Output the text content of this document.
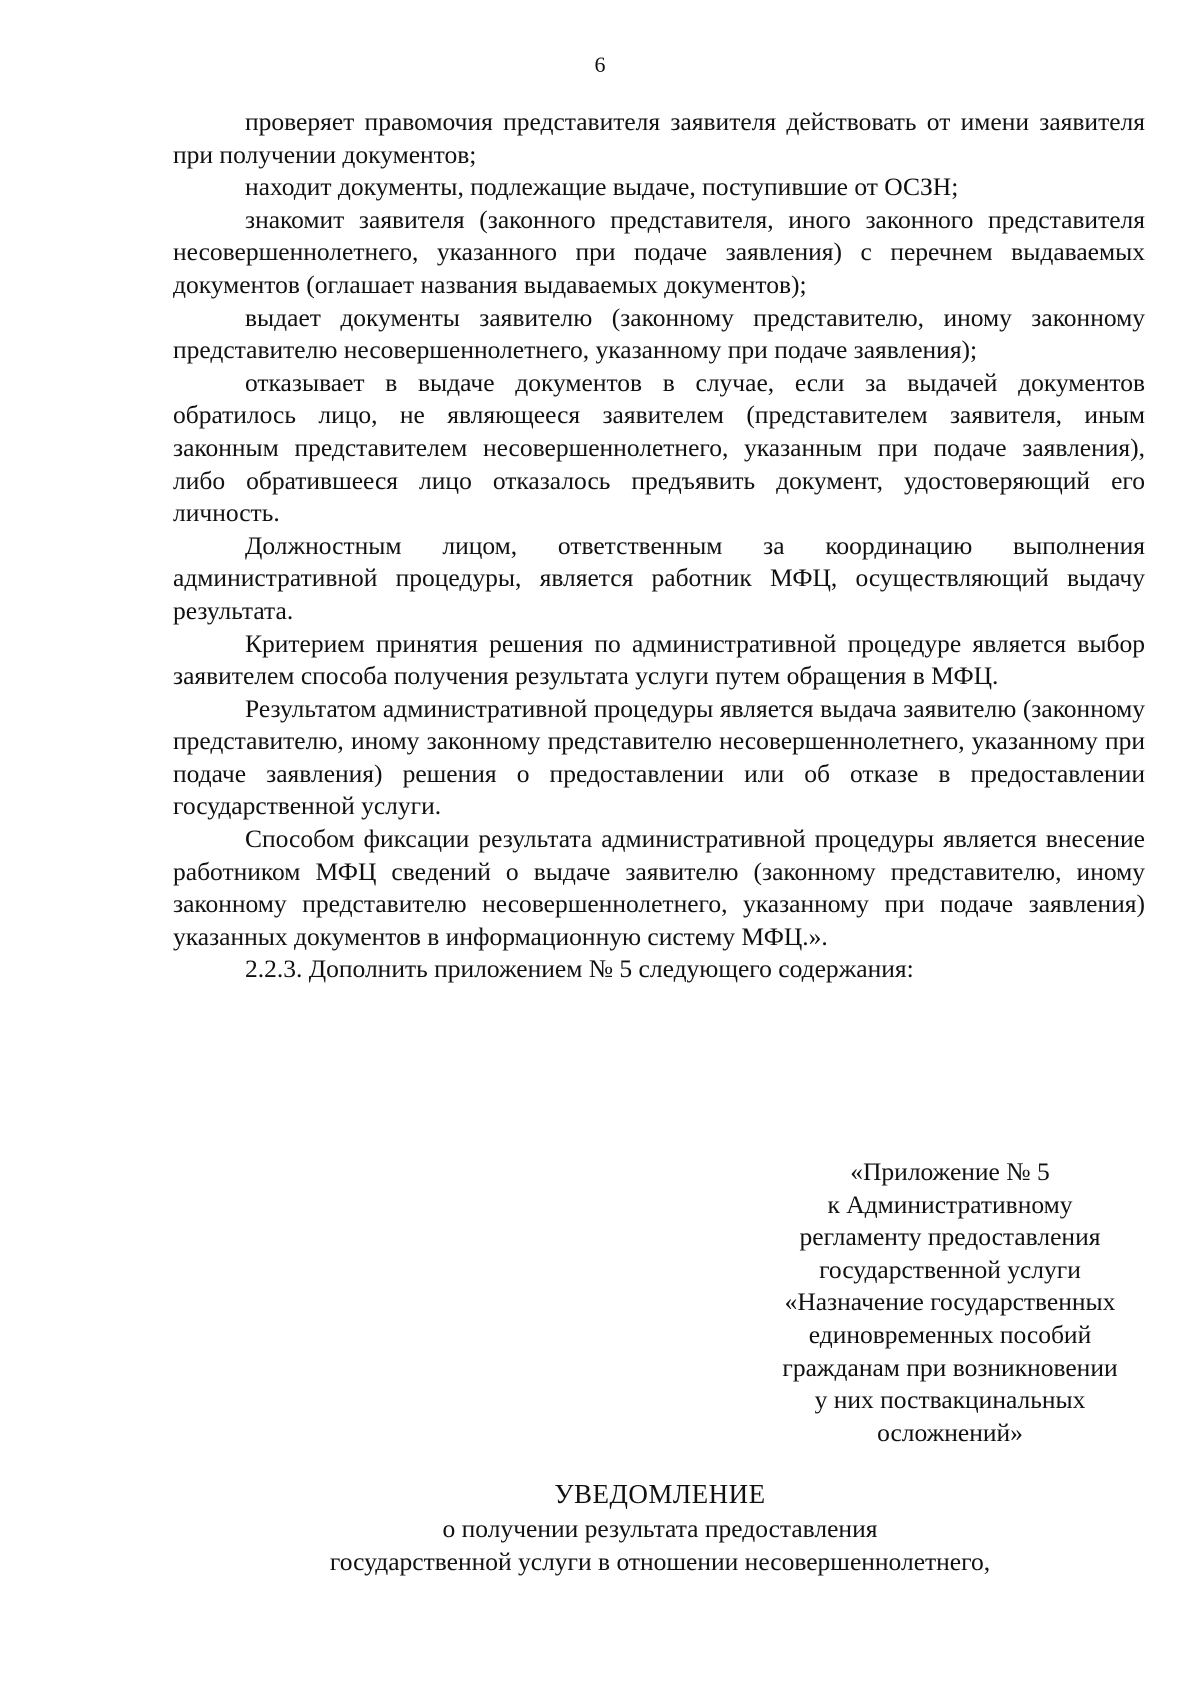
6

проверяет правомочия представителя заявителя действовать от имени заявителя при получении документов;

находит документы, подлежащие выдаче, поступившие от ОСЗН;

знакомит заявителя (законного представителя, иного законного представителя несовершеннолетнего, указанного при подаче заявления) с перечнем выдаваемых документов (оглашает названия выдаваемых документов);

выдает документы заявителю (законному представителю, иному законному представителю несовершеннолетнего, указанному при подаче заявления);

отказывает в выдаче документов в случае, если за выдачей документов обратилось лицо, не являющееся заявителем (представителем заявителя, иным законным представителем несовершеннолетнего, указанным при подаче заявления), либо обратившееся лицо отказалось предъявить документ, удостоверяющий его личность.

Должностным лицом, ответственным за координацию выполнения административной процедуры, является работник МФЦ, осуществляющий выдачу результата.

Критерием принятия решения по административной процедуре является выбор заявителем способа получения результата услуги путем обращения в МФЦ.

Результатом административной процедуры является выдача заявителю (законному представителю, иному законному представителю несовершеннолетнего, указанному при подаче заявления) решения о предоставлении или об отказе в предоставлении государственной услуги.

Способом фиксации результата административной процедуры является внесение работником МФЦ сведений о выдаче заявителю (законному представителю, иному законному представителю несовершеннолетнего, указанному при подаче заявления) указанных документов в информационную систему МФЦ.».

2.2.3. Дополнить приложением № 5 следующего содержания:

«Приложение № 5
к Административному
регламенту предоставления
государственной услуги
«Назначение государственных
единовременных пособий
гражданам при возникновении
у них поствакцинальных
осложнений»
УВЕДОМЛЕНИЕ
о получении результата предоставления
государственной услуги в отношении несовершеннолетнего,
